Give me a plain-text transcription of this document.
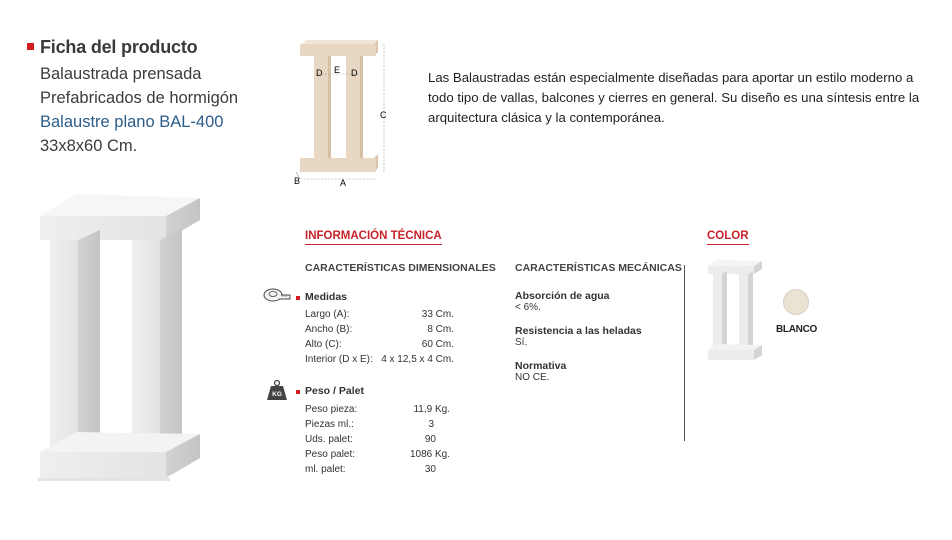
Ficha del producto
Balaustrada prensada
Prefabricados de hormigón
Balaustre plano BAL-400
33x8x60 Cm.
D E D
C
B	A
Las Balaustradas están especialmente diseñadas para aportar un estilo moderno a todo tipo de vallas, balcones y cierres en general. Su diseño es una síntesis entre la arquitectura clásica y la contemporánea.
INFORMACIÓN TÉCNICA
CARACTERÍSTICAS DIMENSIONALES
Medidas
Largo (A):	33 Cm.
Ancho (B):	8 Cm.
Alto (C):	60 Cm.
Interior (D x E): 4 x 12,5 x 4 Cm.
KG Peso / Palet
Peso pieza:	11,9 Kg.
Piezas ml.:	3
Uds. palet:	90
Peso palet:	1086 Kg.
ml. palet:	30
CARACTERÍSTICAS MECÁNICAS
Absorción de agua
< 6%.
Resistencia a las heladas
Sí.
Normativa
NO CE.
COLOR
BLANCO
